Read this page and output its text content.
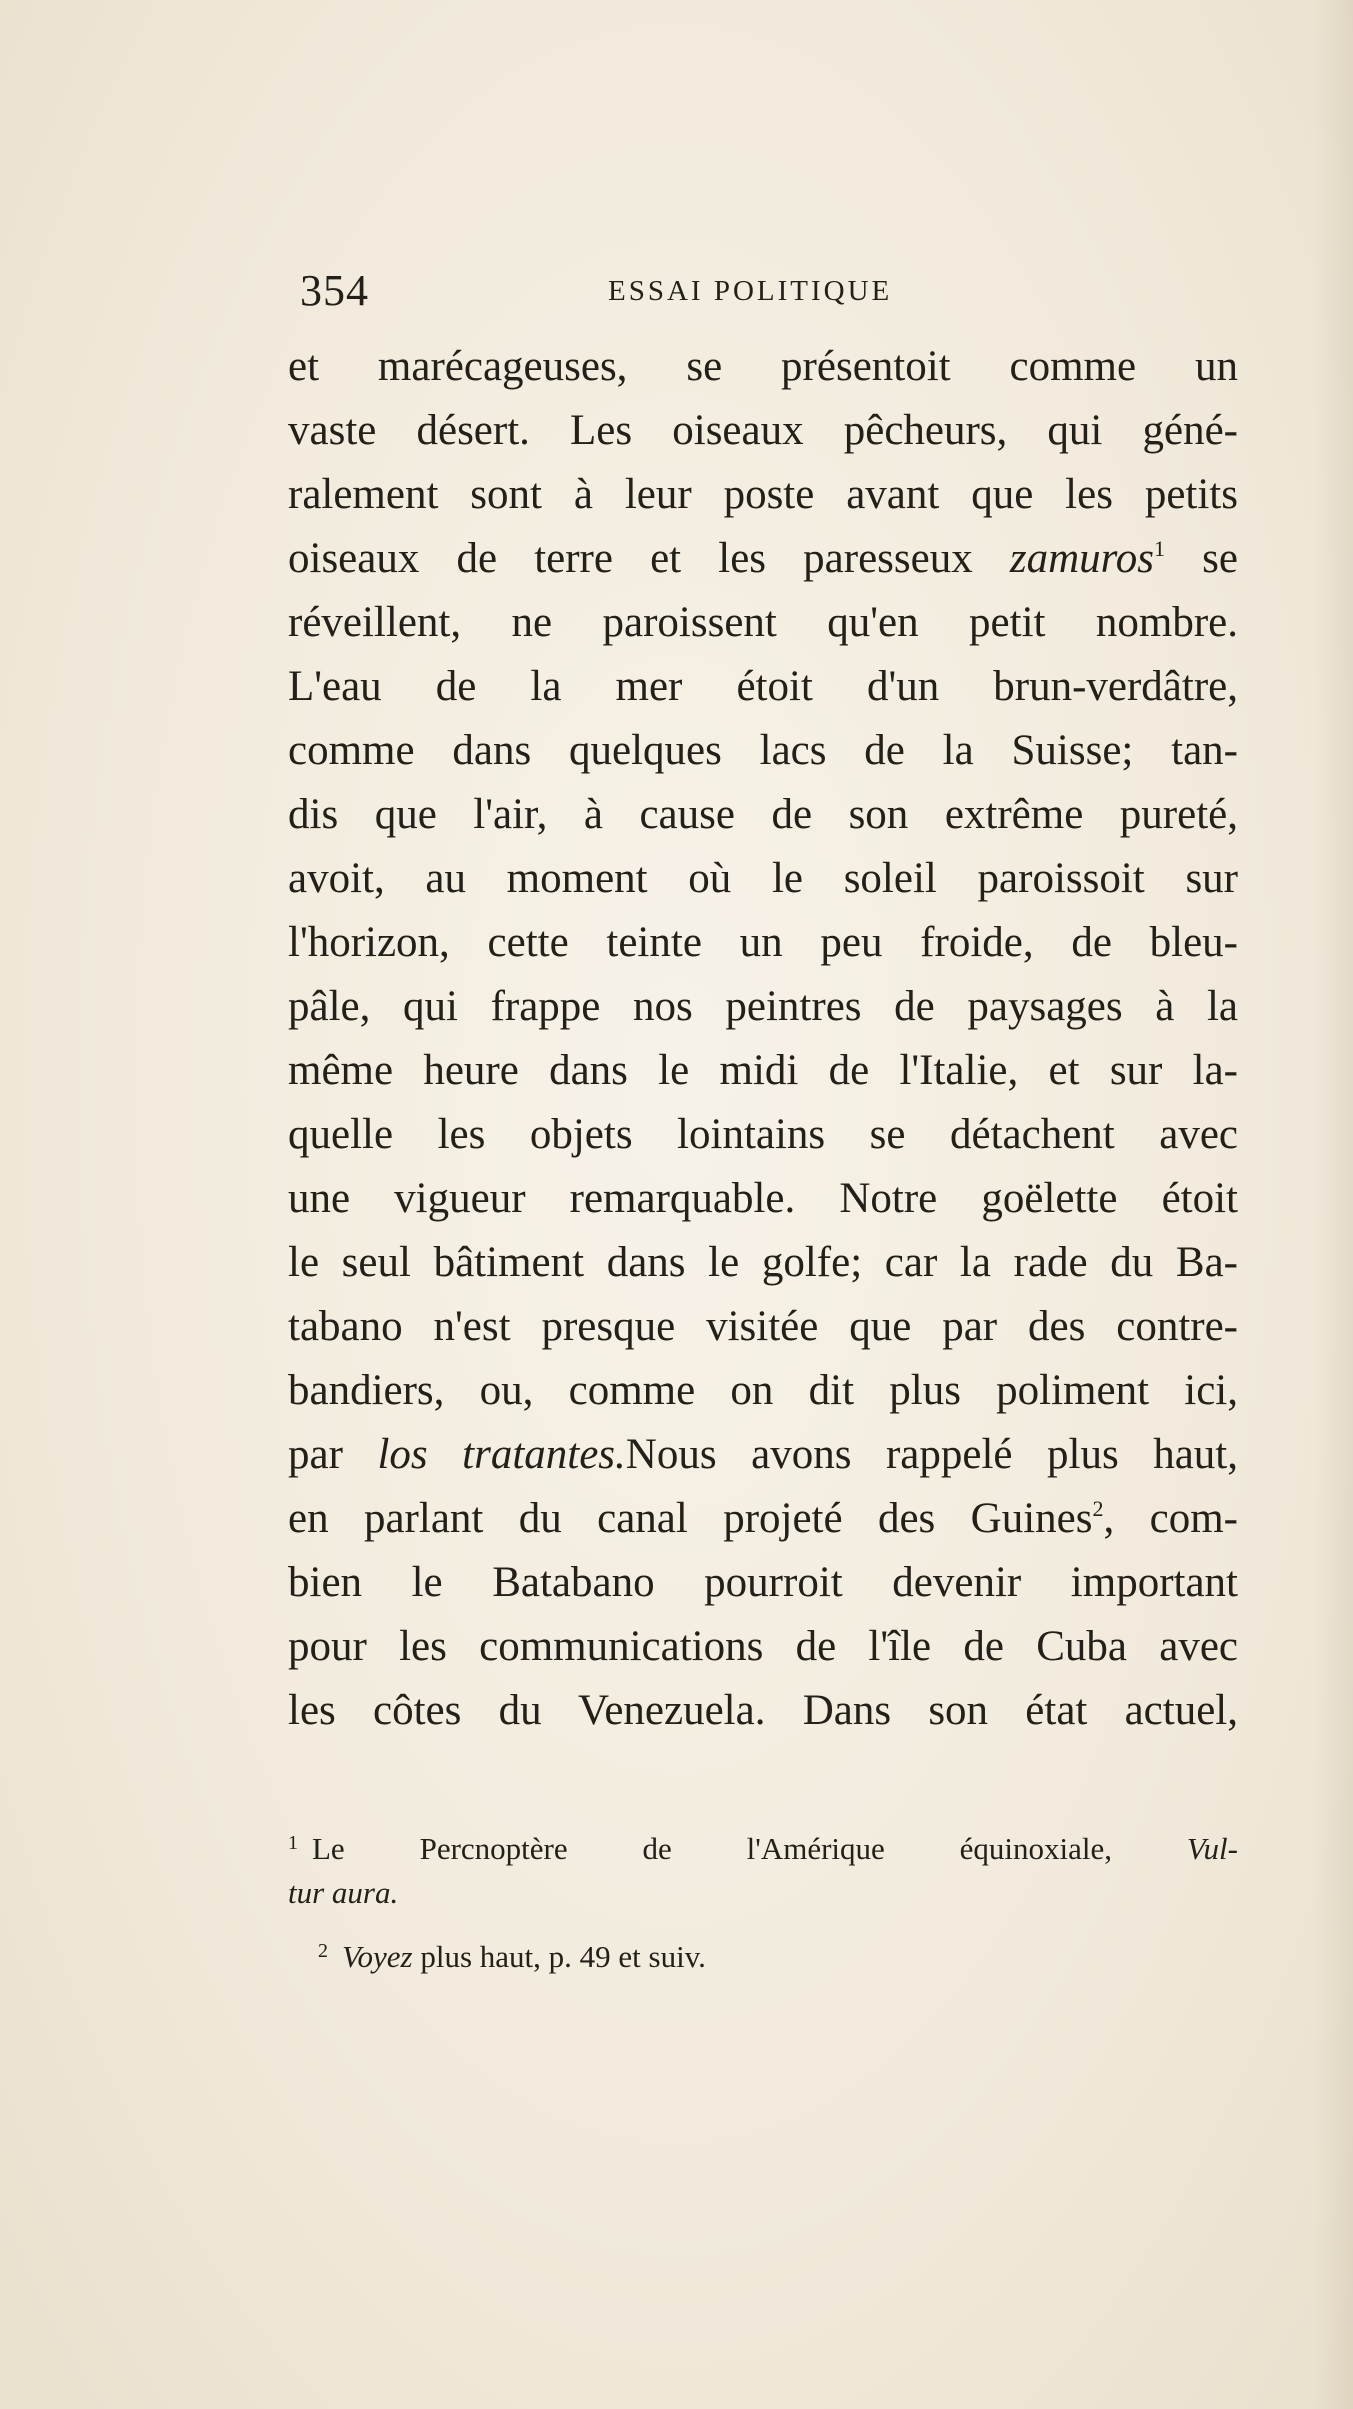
354	ESSAI POLITIQUE
et marécageuses, se présentoit comme un
vaste désert. Les oiseaux pêcheurs, qui géné-
ralement sont à leur poste avant que les petits
oiseaux de terre et les paresseux zamuros$^1$ se
réveillent, ne paroissent qu'en petit nombre.
L'eau de la mer étoit d'un brun-verdâtre,
comme dans quelques lacs de la Suisse; tan-
dis que l'air, à cause de son extrême pureté,
avoit, au moment où le soleil paroissoit sur
l'horizon, cette teinte un peu froide, de bleu-
pâle, qui frappe nos peintres de paysages à la
même heure dans le midi de l'Italie, et sur la-
quelle les objets lointains se détachent avec
une vigueur remarquable. Notre goëlette étoit
le seul bâtiment dans le golfe; car la rade du Ba-
tabano n'est presque visitée que par des contre-
bandiers, ou, comme on dit plus poliment ici,
par los tratantes.Nous avons rappelé plus haut,
en parlant du canal projeté des Guines$^2$, com-
bien le Batabano pourroit devenir important
pour les communications de l'île de Cuba avec
les côtes du Venezuela. Dans son état actuel,
$^1$ Le Percnoptère de l'Amérique équinoxiale, Vul-
tur aura.
$^2$ Voyez plus haut, p. 49 et suiv.
